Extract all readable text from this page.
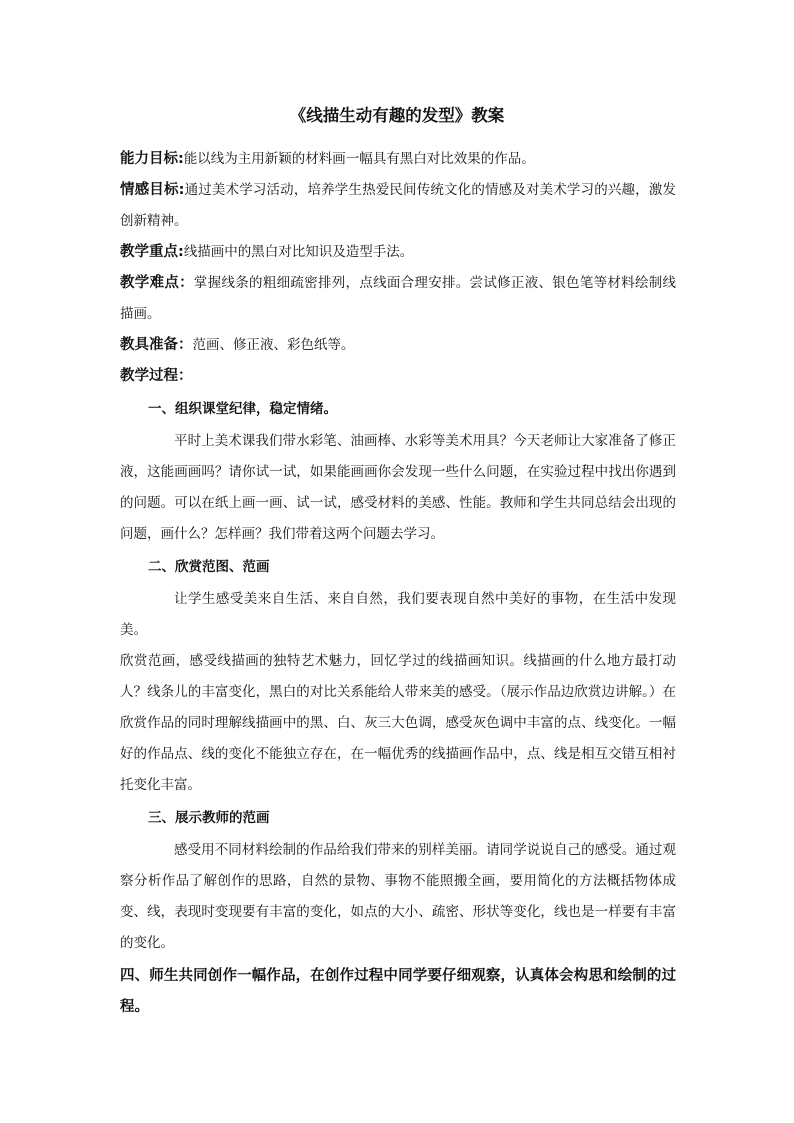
《线描生动有趣的发型》教案

能力目标:能以线为主用新颖的材料画一幅具有黑白对比效果的作品。

情感目标:通过美术学习活动，培养学生热爱民间传统文化的情感及对美术学习的兴趣，激发创新精神。

教学重点:线描画中的黑白对比知识及造型手法。

教学难点：掌握线条的粗细疏密排列，点线面合理安排。尝试修正液、银色笔等材料绘制线描画。

教具准备：范画、修正液、彩色纸等。

教学过程：

一、组织课堂纪律，稳定情绪。

平时上美术课我们带水彩笔、油画棒、水彩等美术用具？今天老师让大家准备了修正液，这能画画吗？请你试一试，如果能画画你会发现一些什么问题，在实验过程中找出你遇到的问题。可以在纸上画一画、试一试，感受材料的美感、性能。教师和学生共同总结会出现的问题，画什么？怎样画？我们带着这两个问题去学习。

二、欣赏范图、范画

让学生感受美来自生活、来自自然，我们要表现自然中美好的事物，在生活中发现美。

欣赏范画，感受线描画的独特艺术魅力，回忆学过的线描画知识。线描画的什么地方最打动人？线条儿的丰富变化，黑白的对比关系能给人带来美的感受。（展示作品边欣赏边讲解。）在欣赏作品的同时理解线描画中的黑、白、灰三大色调，感受灰色调中丰富的点、线变化。一幅好的作品点、线的变化不能独立存在，在一幅优秀的线描画作品中，点、线是相互交错互相衬托变化丰富。

三、展示教师的范画

感受用不同材料绘制的作品给我们带来的别样美丽。请同学说说自己的感受。通过观察分析作品了解创作的思路，自然的景物、事物不能照搬全画，要用简化的方法概括物体成变、线，表现时变现要有丰富的变化，如点的大小、疏密、形状等变化，线也是一样要有丰富的变化。

四、师生共同创作一幅作品，在创作过程中同学要仔细观察，认真体会构思和绘制的过程。
